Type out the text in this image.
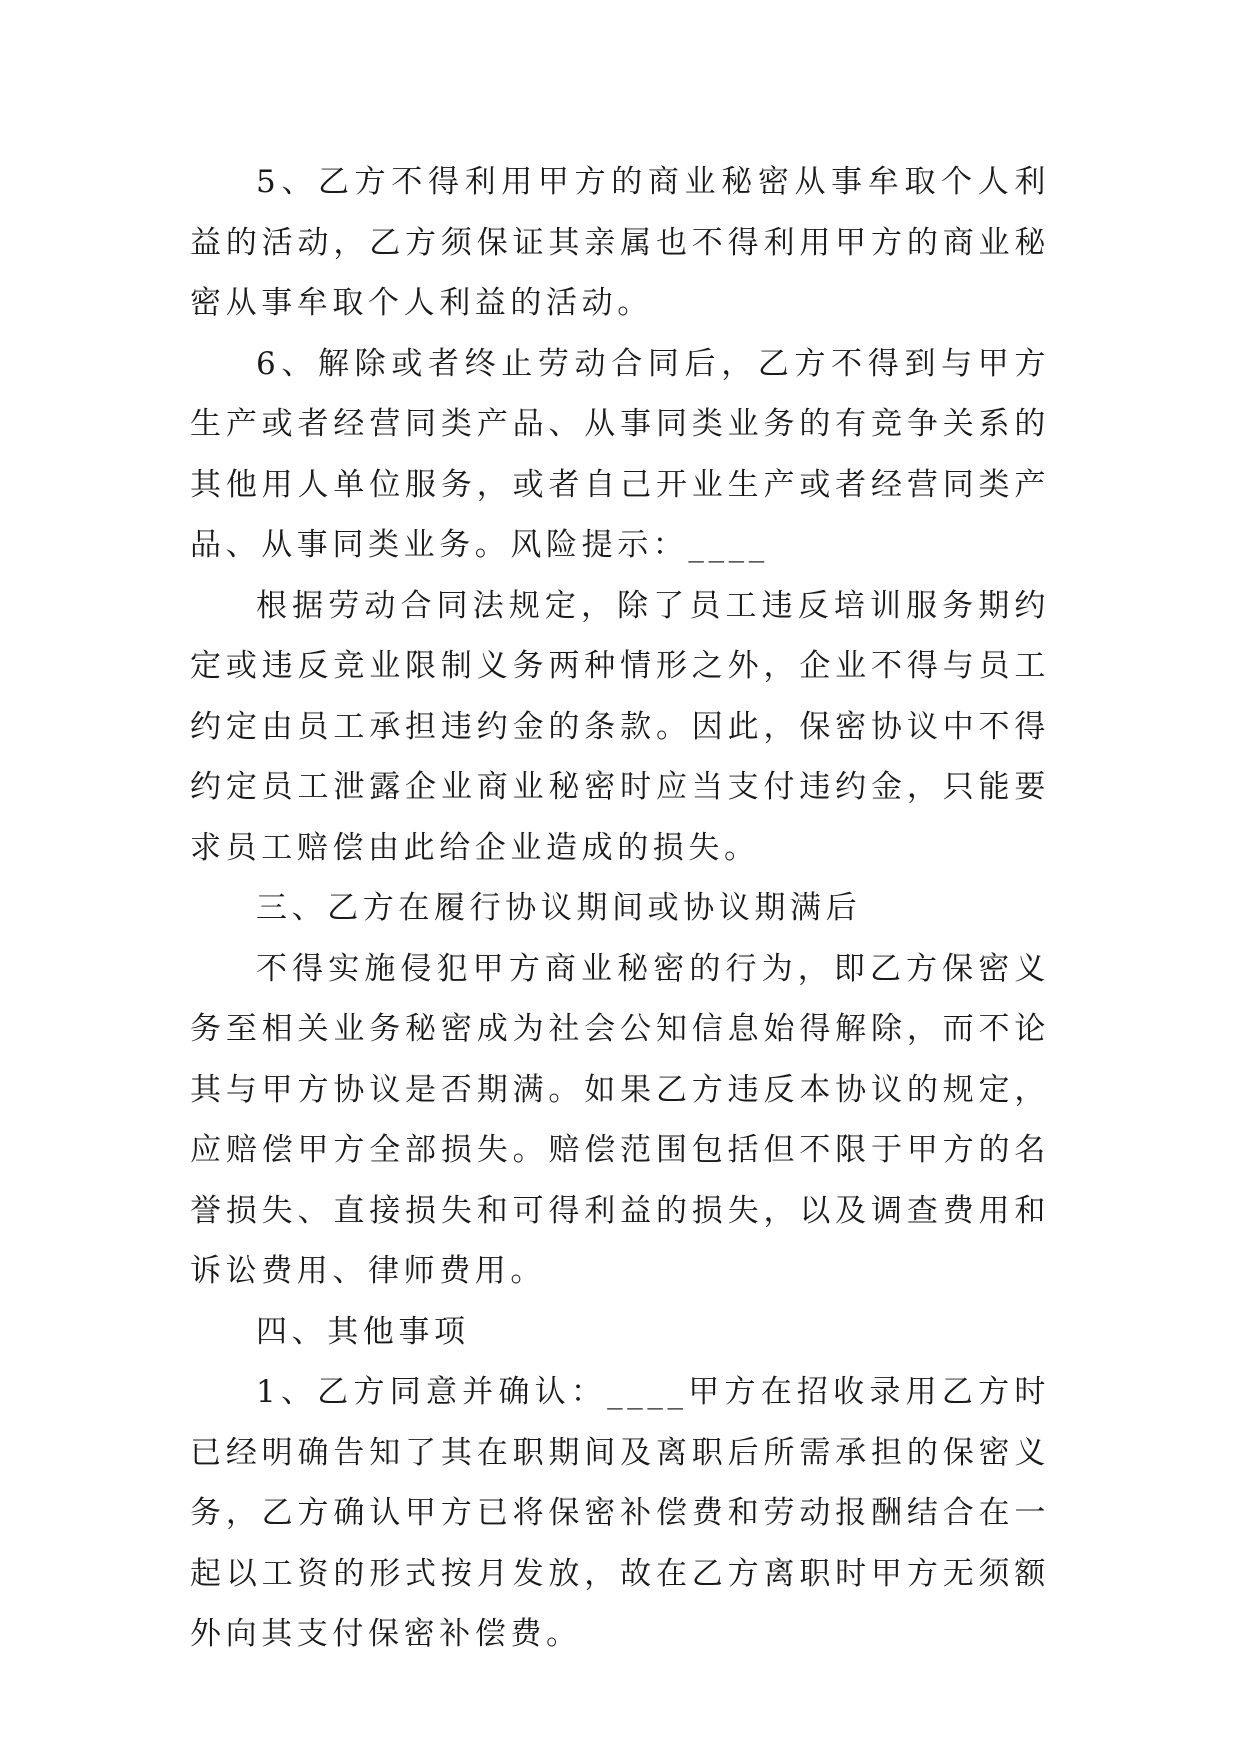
5、乙方不得利用甲方的商业秘密从事牟取个人利益的活动，乙方须保证其亲属也不得利用甲方的商业秘密从事牟取个人利益的活动。

6、解除或者终止劳动合同后，乙方不得到与甲方生产或者经营同类产品、从事同类业务的有竞争关系的其他用人单位服务，或者自己开业生产或者经营同类产品、从事同类业务。风险提示：____

根据劳动合同法规定，除了员工违反培训服务期约定或违反竞业限制义务两种情形之外，企业不得与员工约定由员工承担违约金的条款。因此，保密协议中不得约定员工泄露企业商业秘密时应当支付违约金，只能要求员工赔偿由此给企业造成的损失。

三、乙方在履行协议期间或协议期满后

不得实施侵犯甲方商业秘密的行为，即乙方保密义务至相关业务秘密成为社会公知信息始得解除，而不论其与甲方协议是否期满。如果乙方违反本协议的规定，应赔偿甲方全部损失。赔偿范围包括但不限于甲方的名誉损失、直接损失和可得利益的损失，以及调查费用和诉讼费用、律师费用。

四、其他事项

1、乙方同意并确认：____甲方在招收录用乙方时已经明确告知了其在职期间及离职后所需承担的保密义务，乙方确认甲方已将保密补偿费和劳动报酬结合在一起以工资的形式按月发放，故在乙方离职时甲方无须额外向其支付保密补偿费。
